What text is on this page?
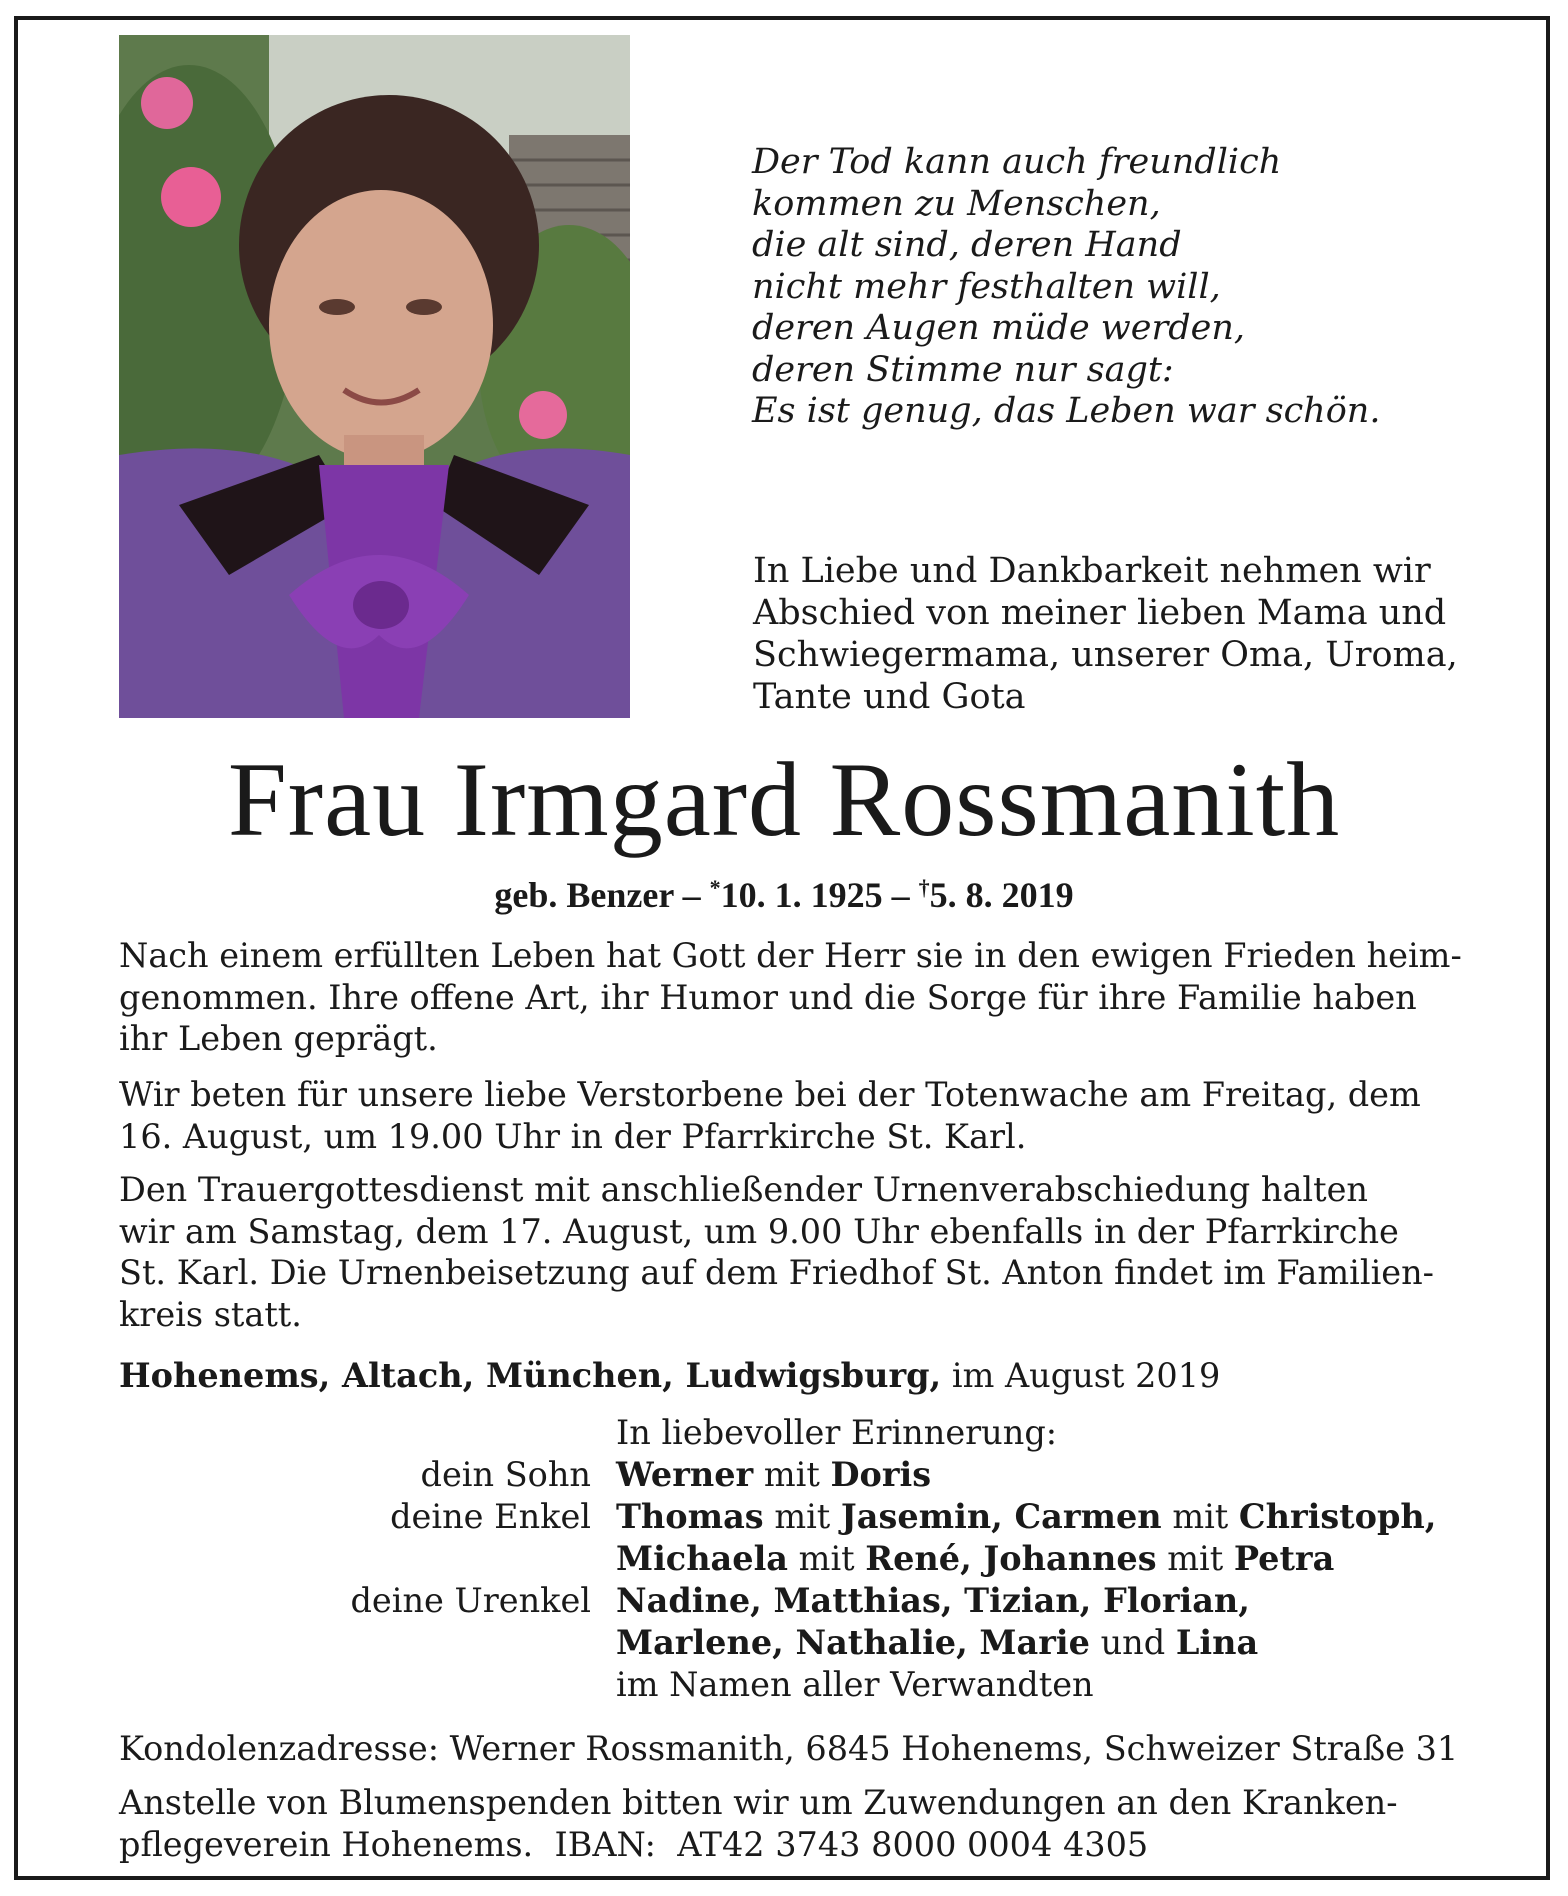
Der Tod kann auch freundlich
kommen zu Menschen,
die alt sind, deren Hand
nicht mehr festhalten will,
deren Augen müde werden,
deren Stimme nur sagt:
Es ist genug, das Leben war schön.
In Liebe und Dankbarkeit nehmen wir
Abschied von meiner lieben Mama und
Schwiegermama, unserer Oma, Uroma,
Tante und Gota
Frau Irmgard Rossmanith
geb. Benzer – *10. 1. 1925 – †5. 8. 2019
Nach einem erfüllten Leben hat Gott der Herr sie in den ewigen Frieden heim-
genommen. Ihre offene Art, ihr Humor und die Sorge für ihre Familie haben
ihr Leben geprägt.
Wir beten für unsere liebe Verstorbene bei der Totenwache am Freitag, dem
16. August, um 19.00 Uhr in der Pfarrkirche St. Karl.
Den Trauergottesdienst mit anschließender Urnenverabschiedung halten
wir am Samstag, dem 17. August, um 9.00 Uhr ebenfalls in der Pfarrkirche
St. Karl. Die Urnenbeisetzung auf dem Friedhof St. Anton findet im Familien-
kreis statt.
Hohenems, Altach, München, Ludwigsburg, im August 2019
In liebevoller Erinnerung:
dein Sohn Werner mit Doris
deine Enkel Thomas mit Jasemin, Carmen mit Christoph,
Michaela mit René, Johannes mit Petra
deine Urenkel Nadine, Matthias, Tizian, Florian,
Marlene, Nathalie, Marie und Lina
im Namen aller Verwandten
Kondolenzadresse: Werner Rossmanith, 6845 Hohenems, Schweizer Straße 31
Anstelle von Blumenspenden bitten wir um Zuwendungen an den Kranken-
pflegeverein Hohenems.  IBAN:  AT42 3743 8000 0004 4305
